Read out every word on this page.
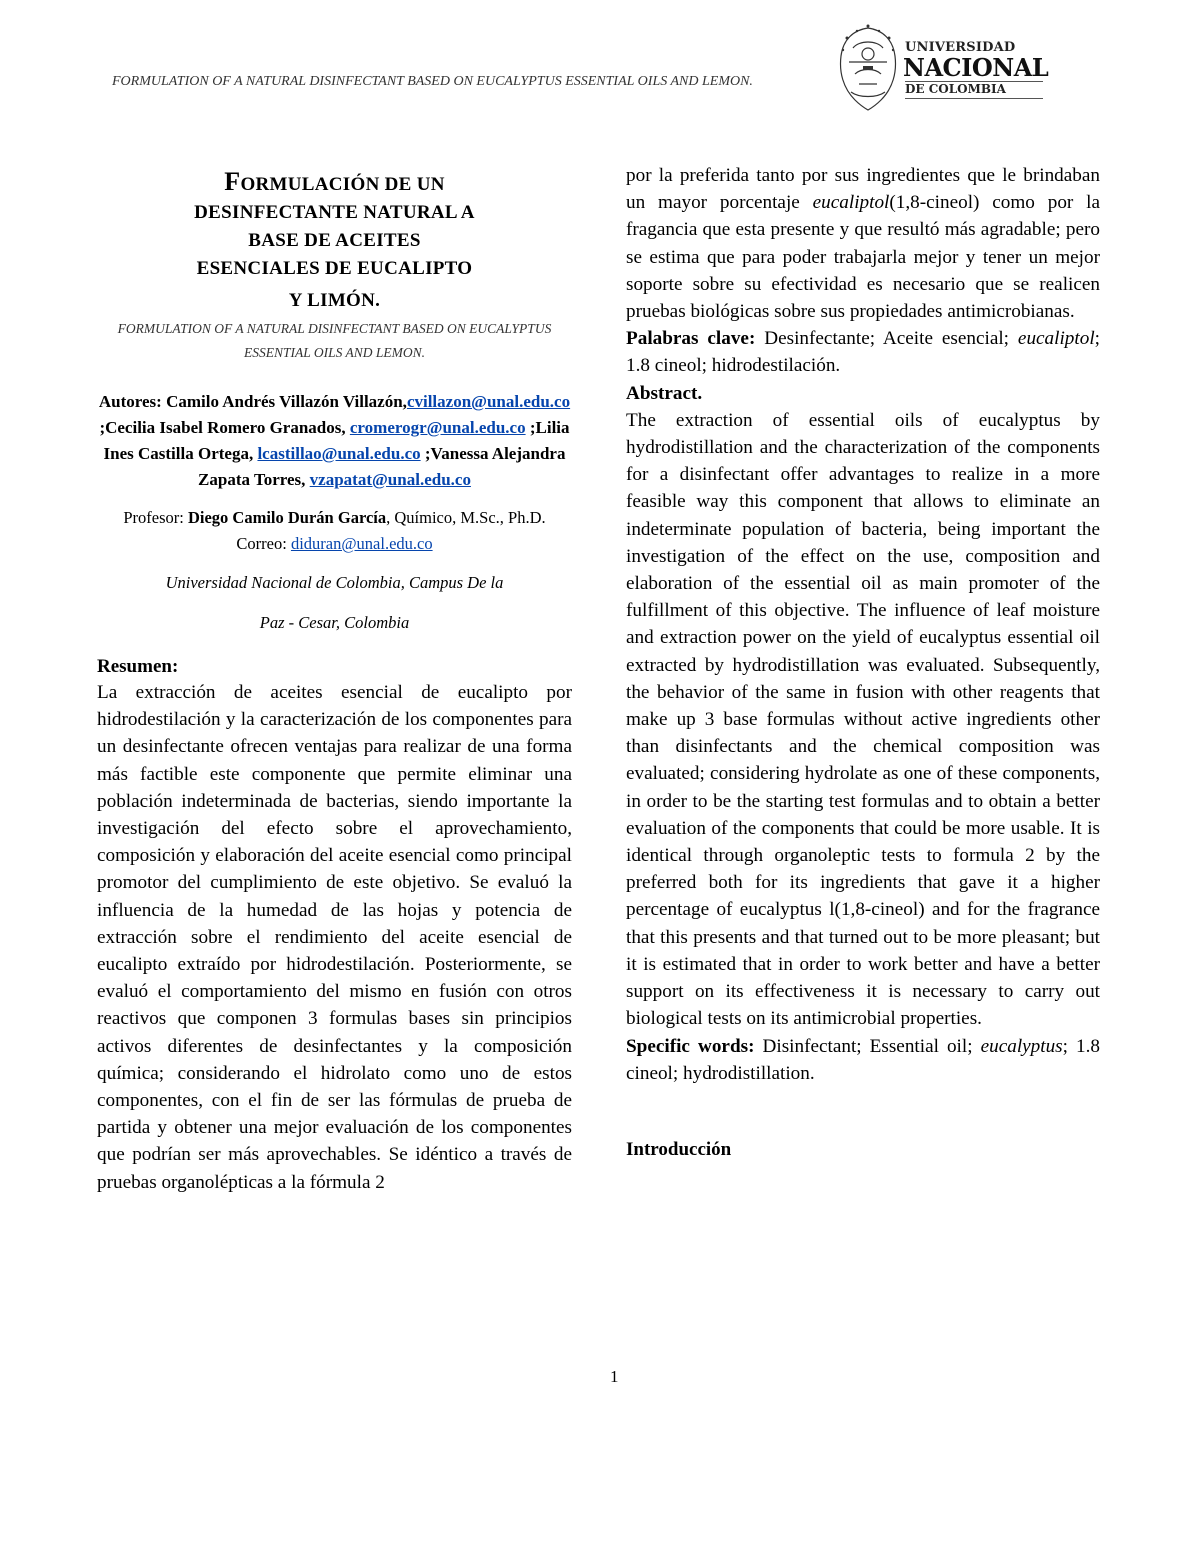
FORMULATION OF A NATURAL DISINFECTANT BASED ON EUCALYPTUS ESSENTIAL OILS AND LEMON.
UNIVERSIDAD
NACIONAL
DE COLOMBIA
FORMULACIÓN DE UN
DESINFECTANTE NATURAL A
BASE DE ACEITES
ESENCIALES DE EUCALIPTO
Y LIMÓN.
FORMULATION OF A NATURAL DISINFECTANT BASED ON EUCALYPTUS ESSENTIAL OILS AND LEMON.
Autores: Camilo Andrés Villazón Villazón,cvillazon@unal.edu.co ;Cecilia Isabel Romero Granados, cromerogr@unal.edu.co ;Lilia Ines Castilla Ortega, lcastillao@unal.edu.co ;Vanessa Alejandra Zapata Torres, vzapatat@unal.edu.co
Profesor: Diego Camilo Durán García, Químico, M.Sc., Ph.D.
Correo: diduran@unal.edu.co
Universidad Nacional de Colombia, Campus De la
Paz - Cesar, Colombia
Resumen:

La extracción de aceites esencial de eucalipto por hidrodestilación y la caracterización de los componentes para un desinfectante ofrecen ventajas para realizar de una forma más factible este componente que permite eliminar una población indeterminada de bacterias, siendo importante la investigación del efecto sobre el aprovechamiento, composición y elaboración del aceite esencial como principal promotor del cumplimiento de este objetivo. Se evaluó la influencia de la humedad de las hojas y potencia de extracción sobre el rendimiento del aceite esencial de eucalipto extraído por hidrodestilación. Posteriormente, se evaluó el comportamiento del mismo en fusión con otros reactivos que componen 3 formulas bases sin principios activos diferentes de desinfectantes y la composición química; considerando el hidrolato como uno de estos componentes, con el fin de ser las fórmulas de prueba de partida y obtener una mejor evaluación de los componentes que podrían ser más aprovechables. Se idéntico a través de pruebas organolépticas a la fórmula 2

por la preferida tanto por sus ingredientes que le brindaban un mayor porcentaje eucaliptol(1,8-cineol) como por la fragancia que esta presente y que resultó más agradable; pero se estima que para poder trabajarla mejor y tener un mejor soporte sobre su efectividad es necesario que se realicen pruebas biológicas sobre sus propiedades antimicrobianas.

Palabras clave: Desinfectante; Aceite esencial; eucaliptol; 1.8 cineol; hidrodestilación.

Abstract.

The extraction of essential oils of eucalyptus by hydrodistillation and the characterization of the components for a disinfectant offer advantages to realize in a more feasible way this component that allows to eliminate an indeterminate population of bacteria, being important the investigation of the effect on the use, composition and elaboration of the essential oil as main promoter of the fulfillment of this objective. The influence of leaf moisture and extraction power on the yield of eucalyptus essential oil extracted by hydrodistillation was evaluated. Subsequently, the behavior of the same in fusion with other reagents that make up 3 base formulas without active ingredients other than disinfectants and the chemical composition was evaluated; considering hydrolate as one of these components, in order to be the starting test formulas and to obtain a better evaluation of the components that could be more usable. It is identical through organoleptic tests to formula 2 by the preferred both for its ingredients that gave it a higher percentage of eucalyptus l(1,8-cineol) and for the fragrance that this presents and that turned out to be more pleasant; but it is estimated that in order to work better and have a better support on its effectiveness it is necessary to carry out biological tests on its antimicrobial properties.

Specific words: Disinfectant; Essential oil; eucalyptus; 1.8 cineol; hydrodistillation.

Introducción
1
